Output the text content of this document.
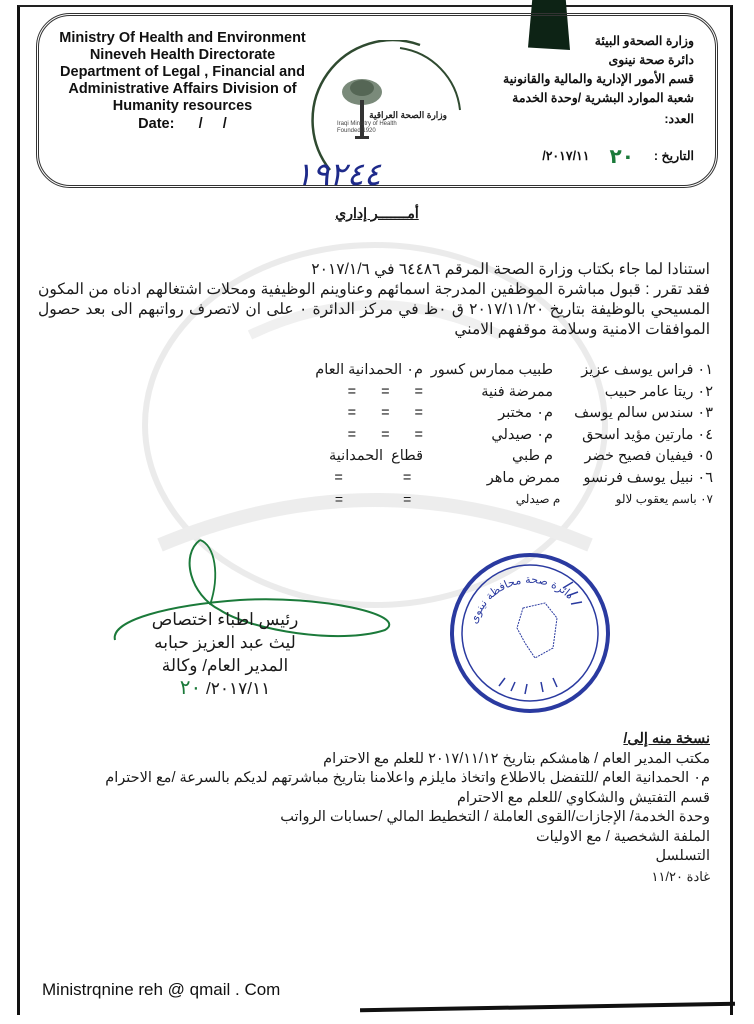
Ministry Of Health and Environment
Nineveh Health Directorate
Department of Legal , Financial and
Administrative Affairs Division of
Humanity resources
Date:      /     /
وزارة الصحة العراقية
Iraqi Ministry of Health
Founded 1920
وزارة الصحةو البيئة
دائرة صحة نينوى
قسم الأمور الإدارية والمالية والقانونية
شعبة الموارد البشرية /وحدة الخدمة
العدد:
التاريخ :
٢٠
٢٠١٧/١١/
١٩٢٤٤
أمـــــــر إداري

استنادا لما جاء بكتاب وزارة الصحة المرقم ٦٤٤٨٦ في ٢٠١٧/١/٦

فقد تقرر : قبول مباشرة الموظفين المدرجة اسمائهم وعناوينم الوظيفية ومحلات اشتغالهم ادناه من المكون المسيحي بالوظيفة بتاريخ ٢٠١٧/١١/٢٠ ق ٠ظ في مركز الدائرة ٠ على ان لاتصرف رواتبهم الى بعد حصول الموافقات الامنية وسلامة موقفهم الامني

٠١ فراس يوسف عزيز
طبيب ممارس كسور
م٠ الحمدانية العام
٠٢ ريتا عامر حبيب
ممرضة فنية
=
=
=
٠٣ سندس سالم يوسف
م٠ مختبر
=
=
=
٠٤ مارتين مؤيد اسحق
م٠ صيدلي
=
=
=
٠٥ فيفيان فصيح خضر
م طبي
قطاع  الحمدانية
٠٦ نبيل يوسف فرنسو
ممرض ماهر
=
=
٠٧ باسم يعقوب لالو
م صيدلي
=
=
رئيس اطباء اختصاص
ليث عبد العزيز حبابه
المدير العام/ وكالة
٢٠١٧/١١/ ٢٠
دائرة صحة محافظة نينوى

نسخة منه إلى/

مكتب المدير العام / هامشكم بتاريخ ٢٠١٧/١١/١٢ للعلم مع الاحترام

م٠ الحمدانية العام /للتفضل بالاطلاع واتخاذ مايلزم واعلامنا بتاريخ مباشرتهم لديكم بالسرعة /مع الاحترام

قسم التفتيش والشكاوي /للعلم مع الاحترام

وحدة الخدمة/ الإجازات/القوى العاملة / التخطيط المالي /حسابات الرواتب

الملفة الشخصية / مع الاوليات

التسلسل

غادة ١١/٢٠

Ministrqnine reh @ qmail . Com
